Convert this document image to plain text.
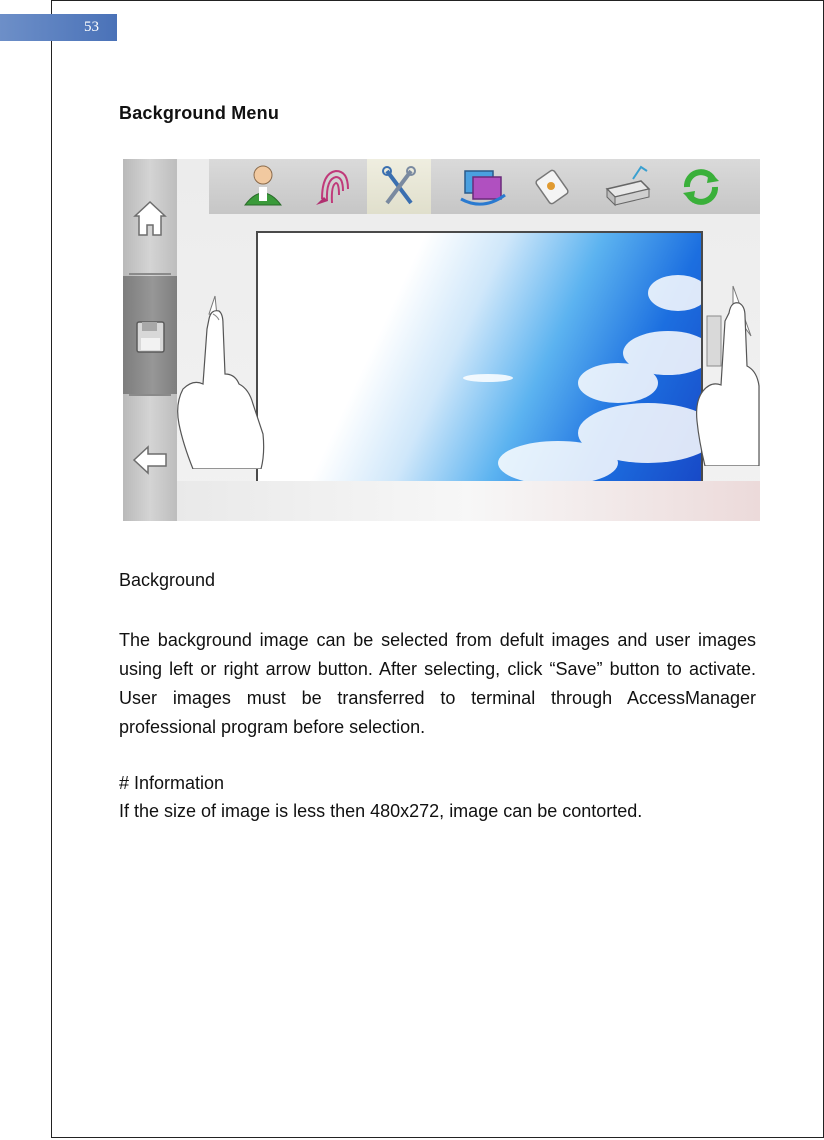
53
Background Menu
Background
The background image can be selected from defult images and user images using left or right arrow button. After selecting, click “Save” button to activate. User images must be transferred to terminal through AccessManager professional program before selection.
# Information
If the size of image is less then 480x272, image can be contorted.
